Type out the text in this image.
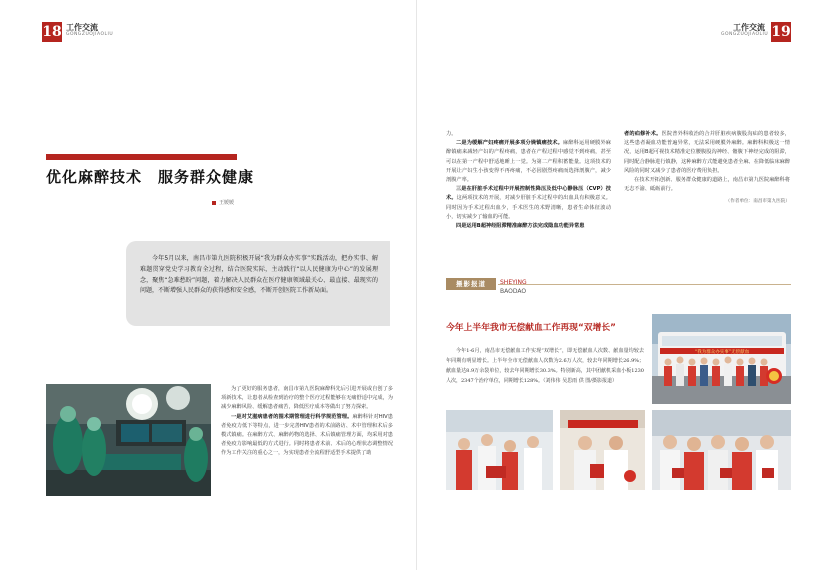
18 工作交流
GONGZUOJIAOLIU
工作交流
GONGZUOJIAOLIU 19
优化麻醉技术　服务群众健康
王媛媛

今年5月以来，南昌市第九医院积极开展“我为群众办实事”实践活动，把办实事、解难题贯穿党史学习教育全过程，结合医院实际，主动践行“以人民健康为中心”的发展理念，聚焦“急难愁盼”问题，着力解决人民群众在医疗健康领域最关心、最直接、最现实的问题，不断增强人民群众的获得感和安全感，不断开创医院工作新局面。

为了更好的服务患者，南昌市第九医院麻醉科先后引进开展或自创了多项新技术，让患者从检查到治疗的整个医疗过程能够在无痛舒适中完成，为减少麻醉风险、缓解患者痛苦，降低医疗成本等做出了努力探索。

一是对艾滋病患者的围术期管理进行科学规范管理。麻醉科针对HIV患者免疫力低下等特点，进一步完善HIV患者的术前路访、术中管理和术后多模式镇痛。在麻醉方式、麻醉药物的选择、术后镇痛管理方面，均采用对患者免疫力影响最低的方式进行。同时将患者术前、术后的心理状态调整情况作为工作关注的重心之一，为实现患者全流程舒适型手术提供了助

力。

二是为缓解产妇疼痛开展多项分娩镇痛技术。麻醉科运用硬膜外麻醉镇痛来减轻产妇的产程疼痛，患者在产程过程中感觉不到疼痛，甚至可以在第一产程中舒适地睡上一觉。为第二产程积蓄能量。这项技术的开展让产妇生小孩变得不再疼痛，不必因剧烈疼痛而选择剖腹产，减少剖腹产率。

三是在肝脏手术过程中开展控制性降压及低中心静脉压（CVP）技术。这两项技术的开展，对减少肝脏手术过程中的出血具有积极意义。同时因为手术过程出血少，手术医生的术野清晰，患者生命体征波动小，切实减少了输血的可能。

四是运用B超神经阻滞精准麻醉方法完成隐血功能异常患

者的疝修补术。医院普外科收治的合并肝脏疾病腹股沟疝的患者较多，这些患者凝血功能普遍异常，无法采用硬膜外麻醉。麻醉科积极这一情况，运用B超可视技术精准定位腰腹股沟神经、髂腹下神经完成的阻滞，同时配合静脉进行镇静，这种麻醉方式能避免患者全麻、在降低临床麻醉风险的同时又减少了患者的医疗费用负担。

在技术开拓创新、服务群众健康的道路上，南昌市第九医院麻醉科将无志不渝、砥砺前行。

（作者单位：南昌市第九医院）

摄影报道	SHEYING
BAODAO
今年上半年我市无偿献血工作再现“双增长”

今年1-6月，南昌市无偿献血工作实现“双增长”，即无偿献血人次数、献血量均较去年同期有明显增长。上半年全市无偿献血人次数为2.6万人次，较去年同期增长26.9%；献血量达8.9万余袋单位，较去年同期增长30.3%。特别新高，其中团献机采血小板1230人次，2347个治疗单位，同期增长128%。（刘伟伟 吴思雨 供 图/摄影报道）

“我为群众办实事”无偿献血
